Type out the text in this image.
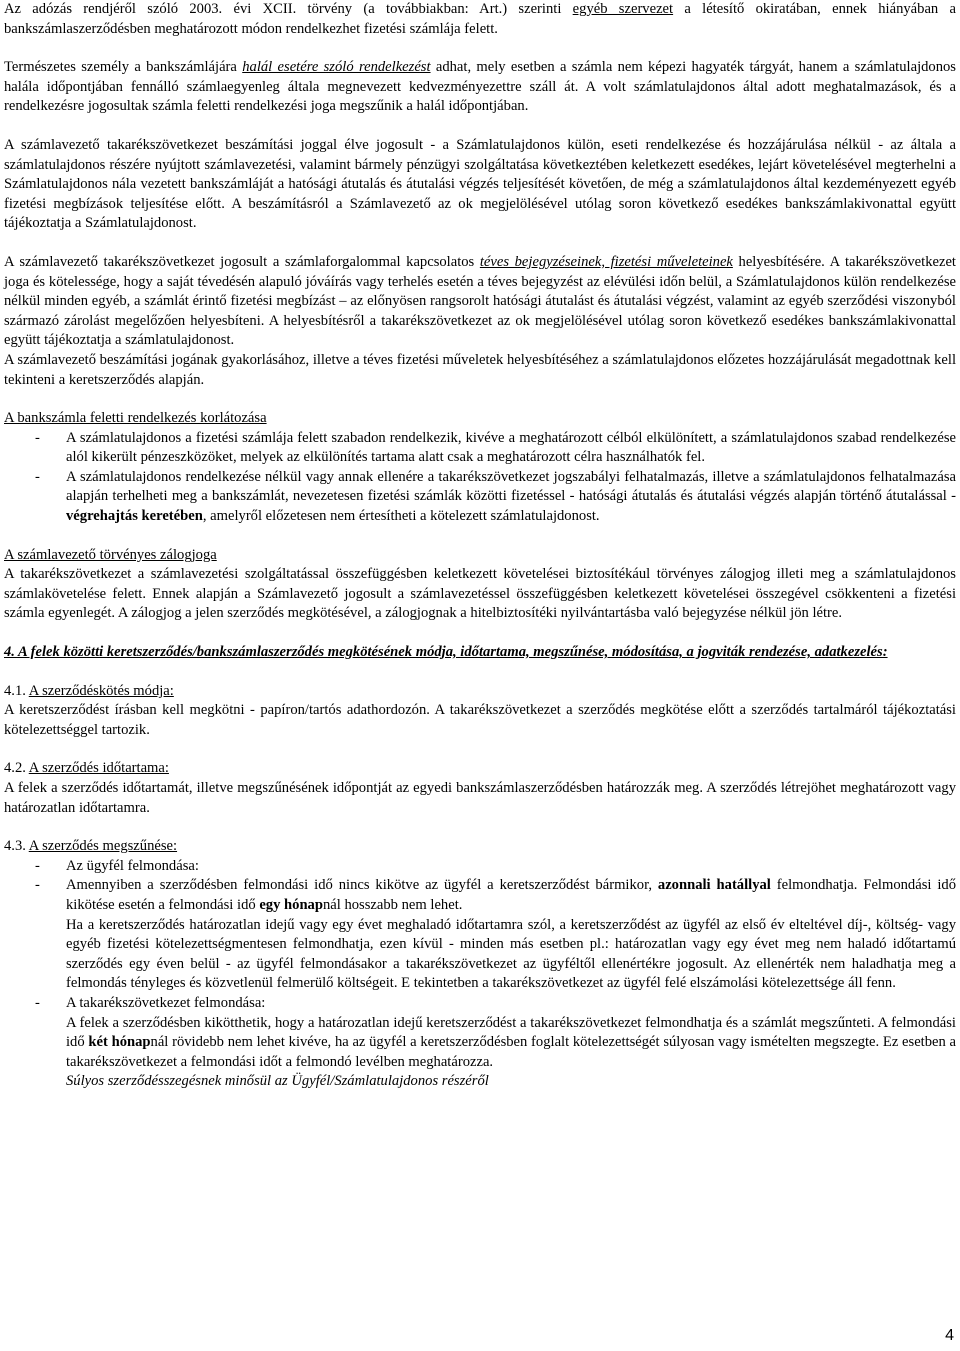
Az adózás rendjéről szóló 2003. évi XCII. törvény (a továbbiakban: Art.) szerinti egyéb szervezet a létesítő okiratában, ennek hiányában a bankszámlaszerződésben meghatározott módon rendelkezhet fizetési számlája felett.

Természetes személy a bankszámlájára halál esetére szóló rendelkezést adhat, mely esetben a számla nem képezi hagyaték tárgyát, hanem a számlatulajdonos halála időpontjában fennálló számlaegyenleg általa megnevezett kedvezményezettre száll át. A volt számlatulajdonos által adott meghatalmazások, és a rendelkezésre jogosultak számla feletti rendelkezési joga megszűnik a halál időpontjában.

A számlavezető takarékszövetkezet beszámítási joggal élve jogosult - a Számlatulajdonos külön, eseti rendelkezése és hozzájárulása nélkül - az általa a számlatulajdonos részére nyújtott számlavezetési, valamint bármely pénzügyi szolgáltatása következtében keletkezett esedékes, lejárt követelésével megterhelni a Számlatulajdonos nála vezetett bankszámláját a hatósági átutalás és átutalási végzés teljesítését követően, de még a számlatulajdonos által kezdeményezett egyéb fizetési megbízások teljesítése előtt. A beszámításról a Számlavezető az ok megjelölésével utólag soron következő esedékes bankszámlakivonattal együtt tájékoztatja a Számlatulajdonost.

A számlavezető takarékszövetkezet jogosult a számlaforgalommal kapcsolatos téves bejegyzéseinek, fizetési műveleteinek helyesbítésére. A takarékszövetkezet joga és kötelessége, hogy a saját tévedésén alapuló jóváírás vagy terhelés esetén a téves bejegyzést az elévülési időn belül, a Számlatulajdonos külön rendelkezése nélkül minden egyéb, a számlát érintő fizetési megbízást – az előnyösen rangsorolt hatósági átutalást és átutalási végzést, valamint az egyéb szerződési viszonyból származó zárolást megelőzően helyesbíteni. A helyesbítésről a takarékszövetkezet az ok megjelölésével utólag soron következő esedékes bankszámlakivonattal együtt tájékoztatja a számlatulajdonost.

A számlavezető beszámítási jogának gyakorlásához, illetve a téves fizetési műveletek helyesbítéséhez a számlatulajdonos előzetes hozzájárulását megadottnak kell tekinteni a keretszerződés alapján.

A bankszámla feletti rendelkezés korlátozása

- A számlatulajdonos a fizetési számlája felett szabadon rendelkezik, kivéve a meghatározott célból elkülönített, a számlatulajdonos szabad rendelkezése alól kikerült pénzeszközöket, melyek az elkülönítés tartama alatt csak a meghatározott célra használhatók fel.

- A számlatulajdonos rendelkezése nélkül vagy annak ellenére a takarékszövetkezet jogszabályi felhatalmazás, illetve a számlatulajdonos felhatalmazása alapján terhelheti meg a bankszámlát, nevezetesen fizetési számlák közötti fizetéssel - hatósági átutalás és átutalási végzés alapján történő átutalással - végrehajtás keretében, amelyről előzetesen nem értesítheti a kötelezett számlatulajdonost.

A számlavezető törvényes zálogjoga

A takarékszövetkezet a számlavezetési szolgáltatással összefüggésben keletkezett követelései biztosítékául törvényes zálogjog illeti meg a számlatulajdonos számlakövetelése felett. Ennek alapján a Számlavezető jogosult a számlavezetéssel összefüggésben keletkezett követelései összegével csökkenteni a fizetési számla egyenlegét. A zálogjog a jelen szerződés megkötésével, a zálogjognak a hitelbiztosítéki nyilvántartásba való bejegyzése nélkül jön létre.

4. A felek közötti keretszerződés/bankszámlaszerződés megkötésének módja, időtartama, megszűnése, módosítása, a jogviták rendezése, adatkezelés:

4.1. A szerződéskötés módja:

A keretszerződést írásban kell megkötni - papíron/tartós adathordozón. A takarékszövetkezet a szerződés megkötése előtt a szerződés tartalmáról tájékoztatási kötelezettséggel tartozik.

4.2. A szerződés időtartama:

A felek a szerződés időtartamát, illetve megszűnésének időpontját az egyedi bankszámlaszerződésben határozzák meg. A szerződés létrejöhet meghatározott vagy határozatlan időtartamra.

4.3. A szerződés megszűnése:

- Az ügyfél felmondása:

- Amennyiben a szerződésben felmondási idő nincs kikötve az ügyfél a keretszerződést bármikor, azonnali hatállyal felmondhatja. Felmondási idő kikötése esetén a felmondási idő egy hónapnál hosszabb nem lehet.

Ha a keretszerződés határozatlan idejű vagy egy évet meghaladó időtartamra szól, a keretszerződést az ügyfél az első év elteltével díj-, költség- vagy egyéb fizetési kötelezettségmentesen felmondhatja, ezen kívül - minden más esetben pl.: határozatlan vagy egy évet meg nem haladó időtartamú szerződés egy éven belül - az ügyfél felmondásakor a takarékszövetkezet az ügyféltől ellenértékre jogosult. Az ellenérték nem haladhatja meg a felmondás tényleges és közvetlenül felmerülő költségeit. E tekintetben a takarékszövetkezet az ügyfél felé elszámolási kötelezettsége áll fenn.

- A takarékszövetkezet felmondása:

A felek a szerződésben kikötthetik, hogy a határozatlan idejű keretszerződést a takarékszövetkezet felmondhatja és a számlát megszűnteti. A felmondási idő két hónapnál rövidebb nem lehet kivéve, ha az ügyfél a keretszerződésben foglalt kötelezettségét súlyosan vagy ismételten megszegte. Ez esetben a takarékszövetkezet a felmondási időt a felmondó levélben meghatározza.

Súlyos szerződésszegésnek minősül az Ügyfél/Számlatulajdonos részéről

4
